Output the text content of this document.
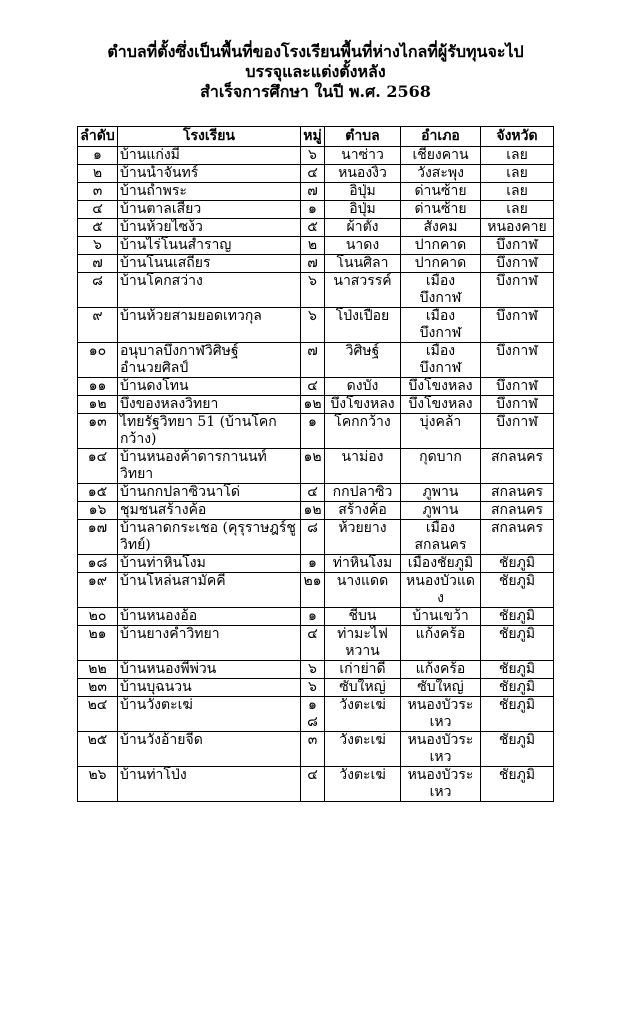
ตำบลที่ตั้งซึ่งเป็นพื้นที่ของโรงเรียนพื้นที่ห่างไกลที่ผู้รับทุนจะไป
บรรจุและแต่งตั้งหลัง
สำเร็จการศึกษา ในปี พ.ศ. 2568
ลำดับ	โรงเรียน	หมู่	ตำบล	อำเภอ	จังหวัด
๑	บ้านแก่งมี่	๖	นาซ่าว	เชียงคาน	เลย
๒	บ้านน้ำจันทร์	๔	หนองงิ้ว	วังสะพุง	เลย
๓	บ้านถ้ำพระ	๗	อิปุ่ม	ด่านซ้าย	เลย
๔	บ้านตาลเสี้ยว	๑	อิปุ่ม	ด่านซ้าย	เลย
๕	บ้านห้วยไซง้ว	๕	ผ้าตั้ง	สังคม	หนองคาย
๖	บ้านไร่โนนสำราญ	๒	นาดง	ปากคาด	บึงกาฬ
๗	บ้านโนนเสถียร	๗	โนนศิลา	ปากคาด	บึงกาฬ
๘	บ้านโคกสว่าง	๖	นาสวรรค์	เมือง บึงกาฬ	บึงกาฬ
๙	บ้านห้วยสามยอดเทวกุล	๖	โป่งเปือย	เมือง บึงกาฬ	บึงกาฬ
๑๐	อนุบาลบึงกาฬวิศิษฐ์อำนวยศิลป์	๗	วิศิษฐ์	เมือง บึงกาฬ	บึงกาฬ
๑๑	บ้านดงโทน	๔	ดงบัง	บึงโขงหลง	บึงกาฬ
๑๒	บึงของหลงวิทยา	๑๒	บึงโขงหลง	บึงโขงหลง	บึงกาฬ
๑๓	ไทยรัฐวิทยา 51 (บ้านโคกกว้าง)	๑	โคกกว้าง	บุ่งคล้า	บึงกาฬ
๑๔	บ้านหนองค้าดารกานนท์วิทยา	๑๒	นาม่อง	กุดบาก	สกลนคร
๑๕	บ้านกกปลาซิวนาโด่	๔	กกปลาซิว	ภูพาน	สกลนคร
๑๖	ชุมชนสร้างค้อ	๑๒	สร้างค้อ	ภูพาน	สกลนคร
๑๗	บ้านลาดกระเชอ (คุรุราษฎร์ชูวิทย์)	๘	ห้วยยาง	เมือง สกลนคร	สกลนคร
๑๘	บ้านท่าหินโงม	๑	ท่าหินโงม	เมืองชัยภูมิ	ชัยภูมิ
๑๙	บ้านโหล่นสามัคคี	๒๑	นางแดด	หนองบัวแดง	ชัยภูมิ
๒๐	บ้านหนองอ้อ	๑	ชีบน	บ้านเขว้า	ชัยภูมิ
๒๑	บ้านยางคำวิทยา	๔	ท่ามะไฟหวาน	แก้งคร้อ	ชัยภูมิ
๒๒	บ้านหนองพีพ่วน	๖	เก่าย่าดี	แก้งคร้อ	ชัยภูมิ
๒๓	บ้านบุฉนวน	๖	ซับใหญ่	ซับใหญ่	ชัยภูมิ
๒๔	บ้านวังตะเฆ่	๑๘	วังตะเฆ่	หนองบัวระเหว	ชัยภูมิ
๒๕	บ้านวังอ้ายจีด	๓	วังตะเฆ่	หนองบัวระเหว	ชัยภูมิ
๒๖	บ้านท่าโป่ง	๔	วังตะเฆ่	หนองบัวระเหว	ชัยภูมิ
